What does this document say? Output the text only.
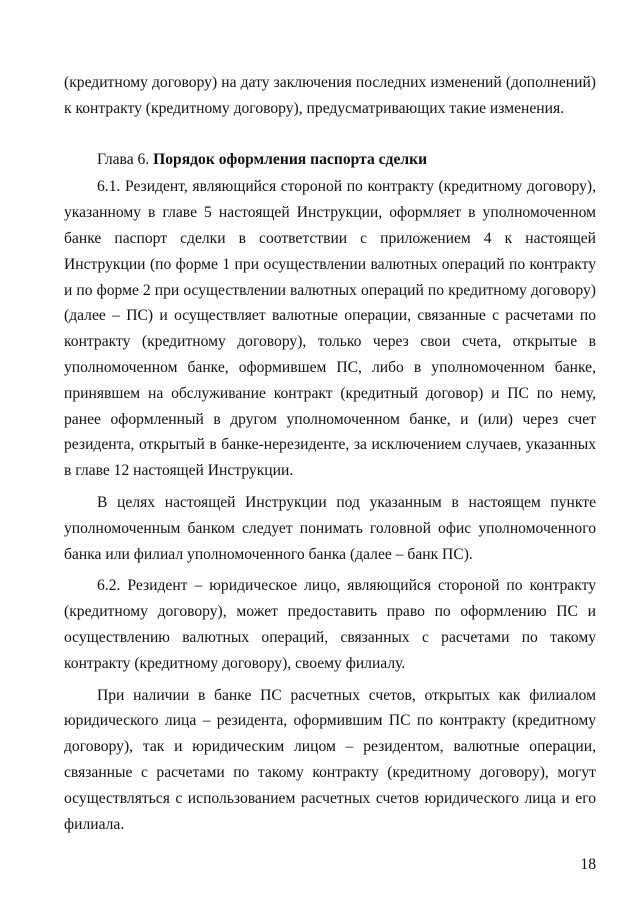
(кредитному договору) на дату заключения последних изменений (дополнений) к контракту (кредитному договору), предусматривающих такие изменения.

Глава 6. Порядок оформления паспорта сделки

6.1. Резидент, являющийся стороной по контракту (кредитному договору), указанному в главе 5 настоящей Инструкции, оформляет в уполномоченном банке паспорт сделки в соответствии с приложением 4 к настоящей Инструкции (по форме 1 при осуществлении валютных операций по контракту и по форме 2 при осуществлении валютных операций по кредитному договору) (далее – ПС) и осуществляет валютные операции, связанные с расчетами по контракту (кредитному договору), только через свои счета, открытые в уполномоченном банке, оформившем ПС, либо в уполномоченном банке, принявшем на обслуживание контракт (кредитный договор) и ПС по нему, ранее оформленный в другом уполномоченном банке, и (или) через счет резидента, открытый в банке-нерезиденте, за исключением случаев, указанных в главе 12 настоящей Инструкции.

В целях настоящей Инструкции под указанным в настоящем пункте уполномоченным банком следует понимать головной офис уполномоченного банка или филиал уполномоченного банка (далее – банк ПС).

6.2. Резидент – юридическое лицо, являющийся стороной по контракту (кредитному договору), может предоставить право по оформлению ПС и осуществлению валютных операций, связанных с расчетами по такому контракту (кредитному договору), своему филиалу.

При наличии в банке ПС расчетных счетов, открытых как филиалом юридического лица – резидента, оформившим ПС по контракту (кредитному договору), так и юридическим лицом – резидентом, валютные операции, связанные с расчетами по такому контракту (кредитному договору), могут осуществляться с использованием расчетных счетов юридического лица и его филиала.

18
